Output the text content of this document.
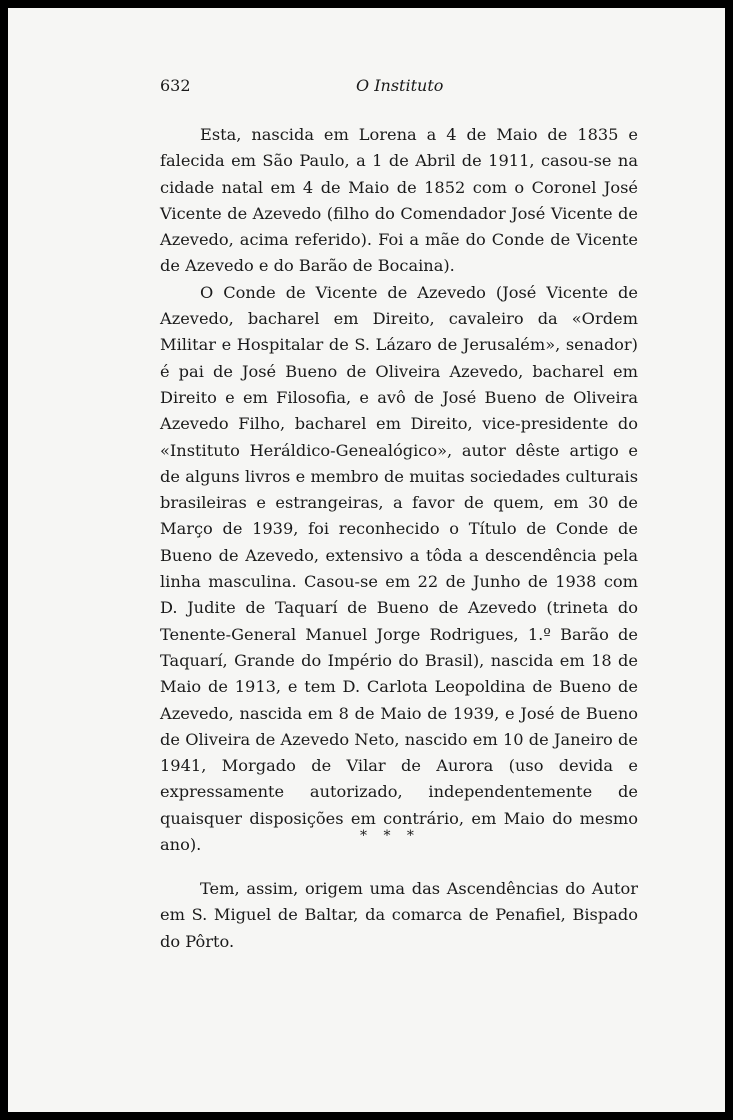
632	O Instituto

Esta, nascida em Lorena a 4 de Maio de 1835 e falecida em São Paulo, a 1 de Abril de 1911, casou-se na cidade natal em 4 de Maio de 1852 com o Coronel José Vicente de Azevedo (filho do Comendador José Vicente de Azevedo, acima referido). Foi a mãe do Conde de Vicente de Azevedo e do Barão de Bocaina).

O Conde de Vicente de Azevedo (José Vicente de Azevedo, bacharel em Direito, cavaleiro da «Ordem Militar e Hospitalar de S. Lázaro de Jerusalém», senador) é pai de José Bueno de Oliveira Azevedo, bacharel em Direito e em Filosofia, e avô de José Bueno de Oliveira Azevedo Filho, bacharel em Direito, vice-presidente do «Instituto Heráldico-Genealógico», autor dêste artigo e de alguns livros e membro de muitas sociedades culturais brasileiras e estrangeiras, a favor de quem, em 30 de Março de 1939, foi reconhecido o Título de Conde de Bueno de Azevedo, extensivo a tôda a descendência pela linha masculina. Casou-se em 22 de Junho de 1938 com D. Judite de Taquarí de Bueno de Azevedo (trineta do Tenente-General Manuel Jorge Rodrigues, 1.º Barão de Taquarí, Grande do Império do Brasil), nascida em 18 de Maio de 1913, e tem D. Carlota Leopoldina de Bueno de Azevedo, nascida em 8 de Maio de 1939, e José de Bueno de Oliveira de Azevedo Neto, nascido em 10 de Janeiro de 1941, Morgado de Vilar de Aurora (uso devida e expressamente autorizado, independentemente de quaisquer disposições em contrário, em Maio do mesmo ano).	* * *

Tem, assim, origem uma das Ascendências do Autor em S. Miguel de Baltar, da comarca de Penafiel, Bispado do Pôrto.
